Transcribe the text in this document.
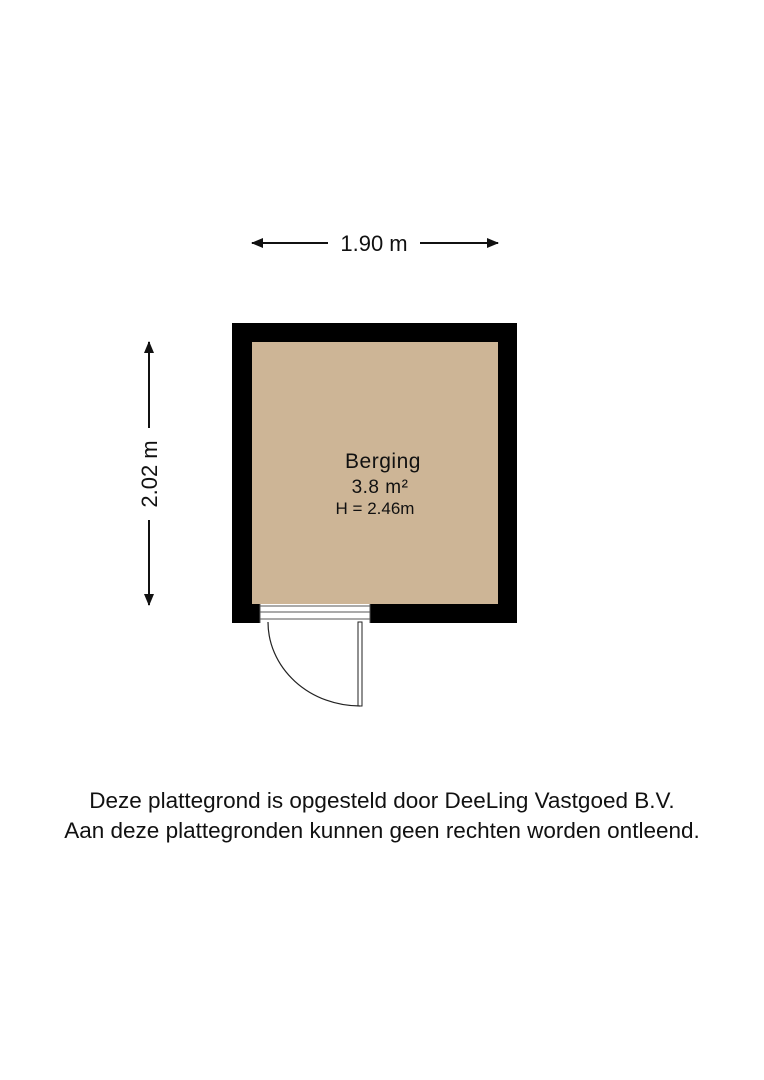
1.90 m
2.02 m	Berging
3.8 m²
H = 2.46m

Deze plattegrond is opgesteld door DeeLing Vastgoed B.V.

Aan deze plattegronden kunnen geen rechten worden ontleend.
